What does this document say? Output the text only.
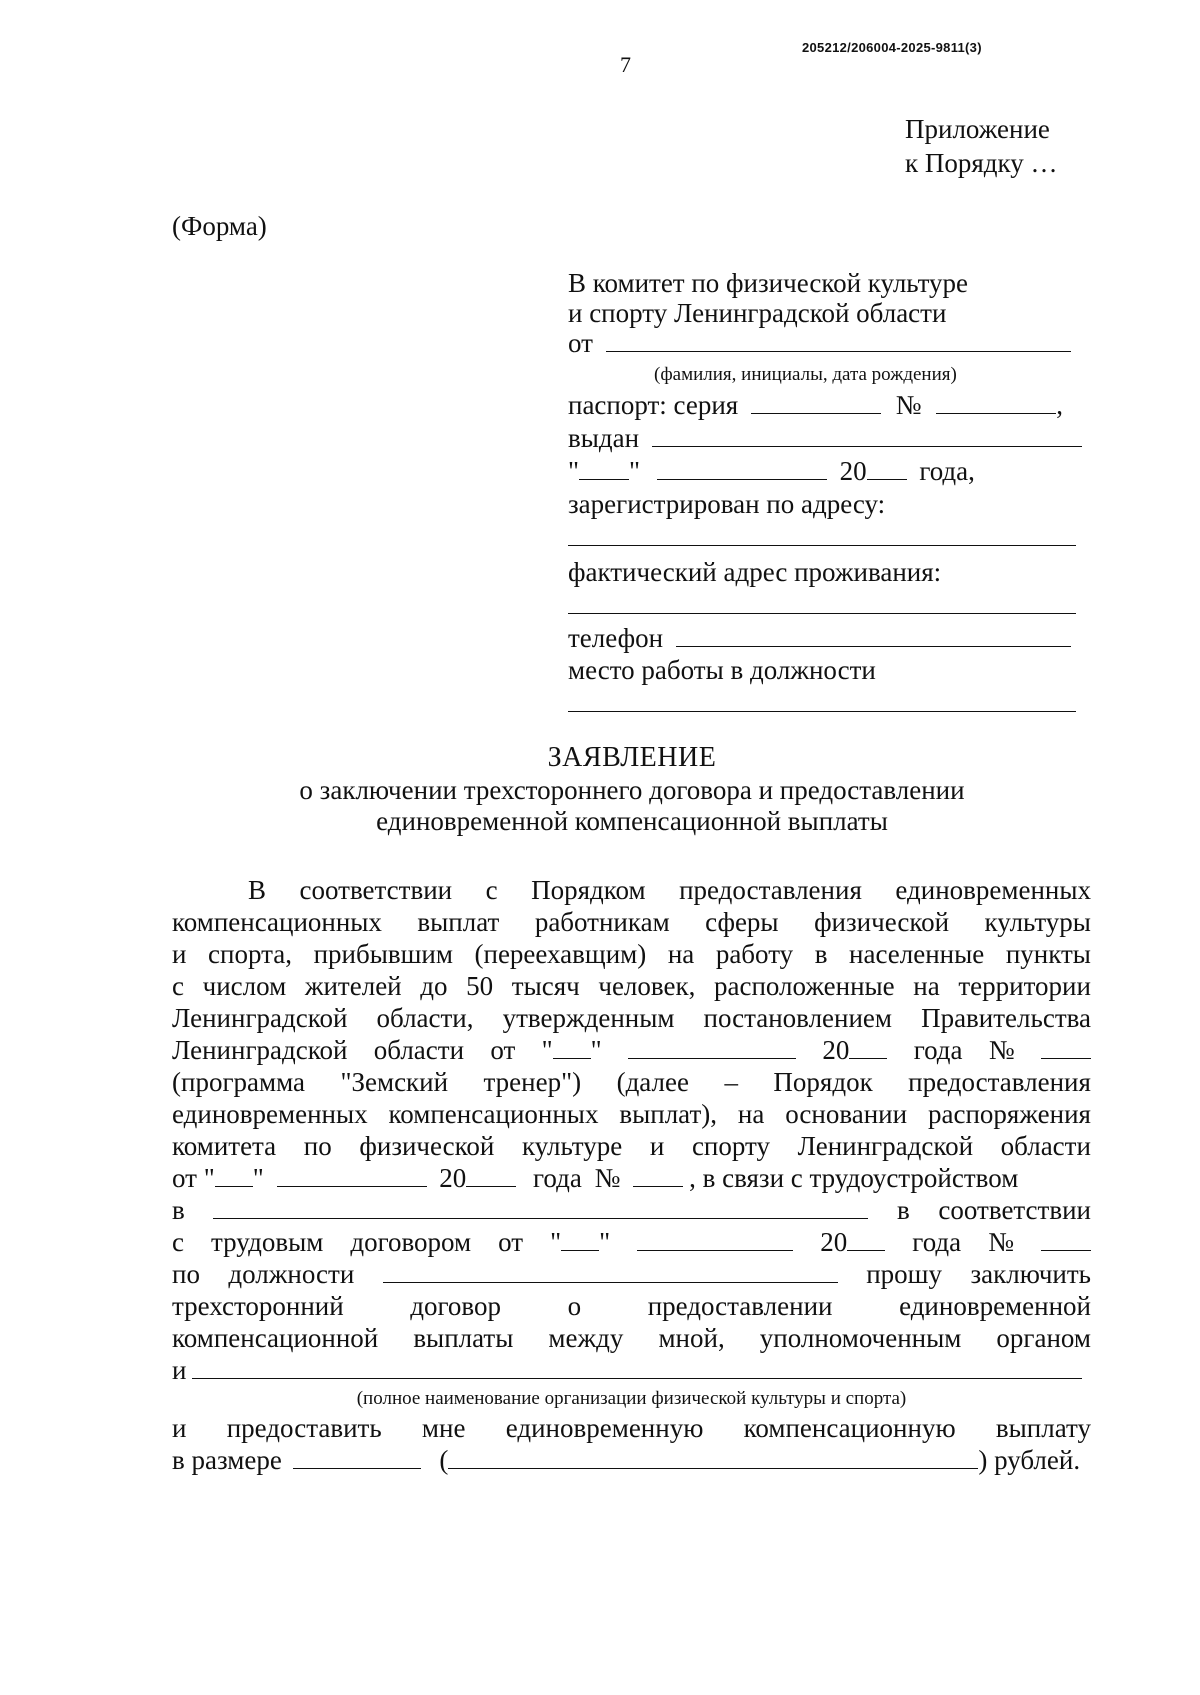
205212/206004-2025-9811(3)
7
Приложение
к Порядку …
(Форма)
В комитет по физической культуре
и спорту Ленинградской области
от
(фамилия, инициалы, дата рождения)
паспорт: серия	№	,
выдан
" "	20 года,
зарегистрирован по адресу:
фактический адрес проживания:
телефон
место работы в должности
ЗАЯВЛЕНИЕ
о заключении трехстороннего договора и предоставлении
единовременной компенсационной выплаты
В соответствии с Порядком предоставления единовременных
компенсационных выплат работникам сферы физической культуры
и спорта, прибывшим (переехавщим) на работу в населенные пункты
с числом жителей до 50 тысяч человек, расположенные на территории
Ленинградской области, утвержденным постановлением Правительства
Ленинградской области от " "	20	года №
(программа "Земский тренер") (далее – Порядок предоставления
единовременных компенсационных выплат), на основании распоряжения
комитета по физической культуре и спорту Ленинградской области
от " "	20 года №	, в связи с трудоустройством
в	в соответствии
с трудовым договором от " "	20	года №
по должности	прошу заключить
трехсторонний договор о предоставлении единовременной
компенсационной выплаты между мной, уполномоченным органом
и
(полное наименование организации физической культуры и спорта)
и предоставить мне единовременную компенсационную выплату
в размере	(	) рублей.
